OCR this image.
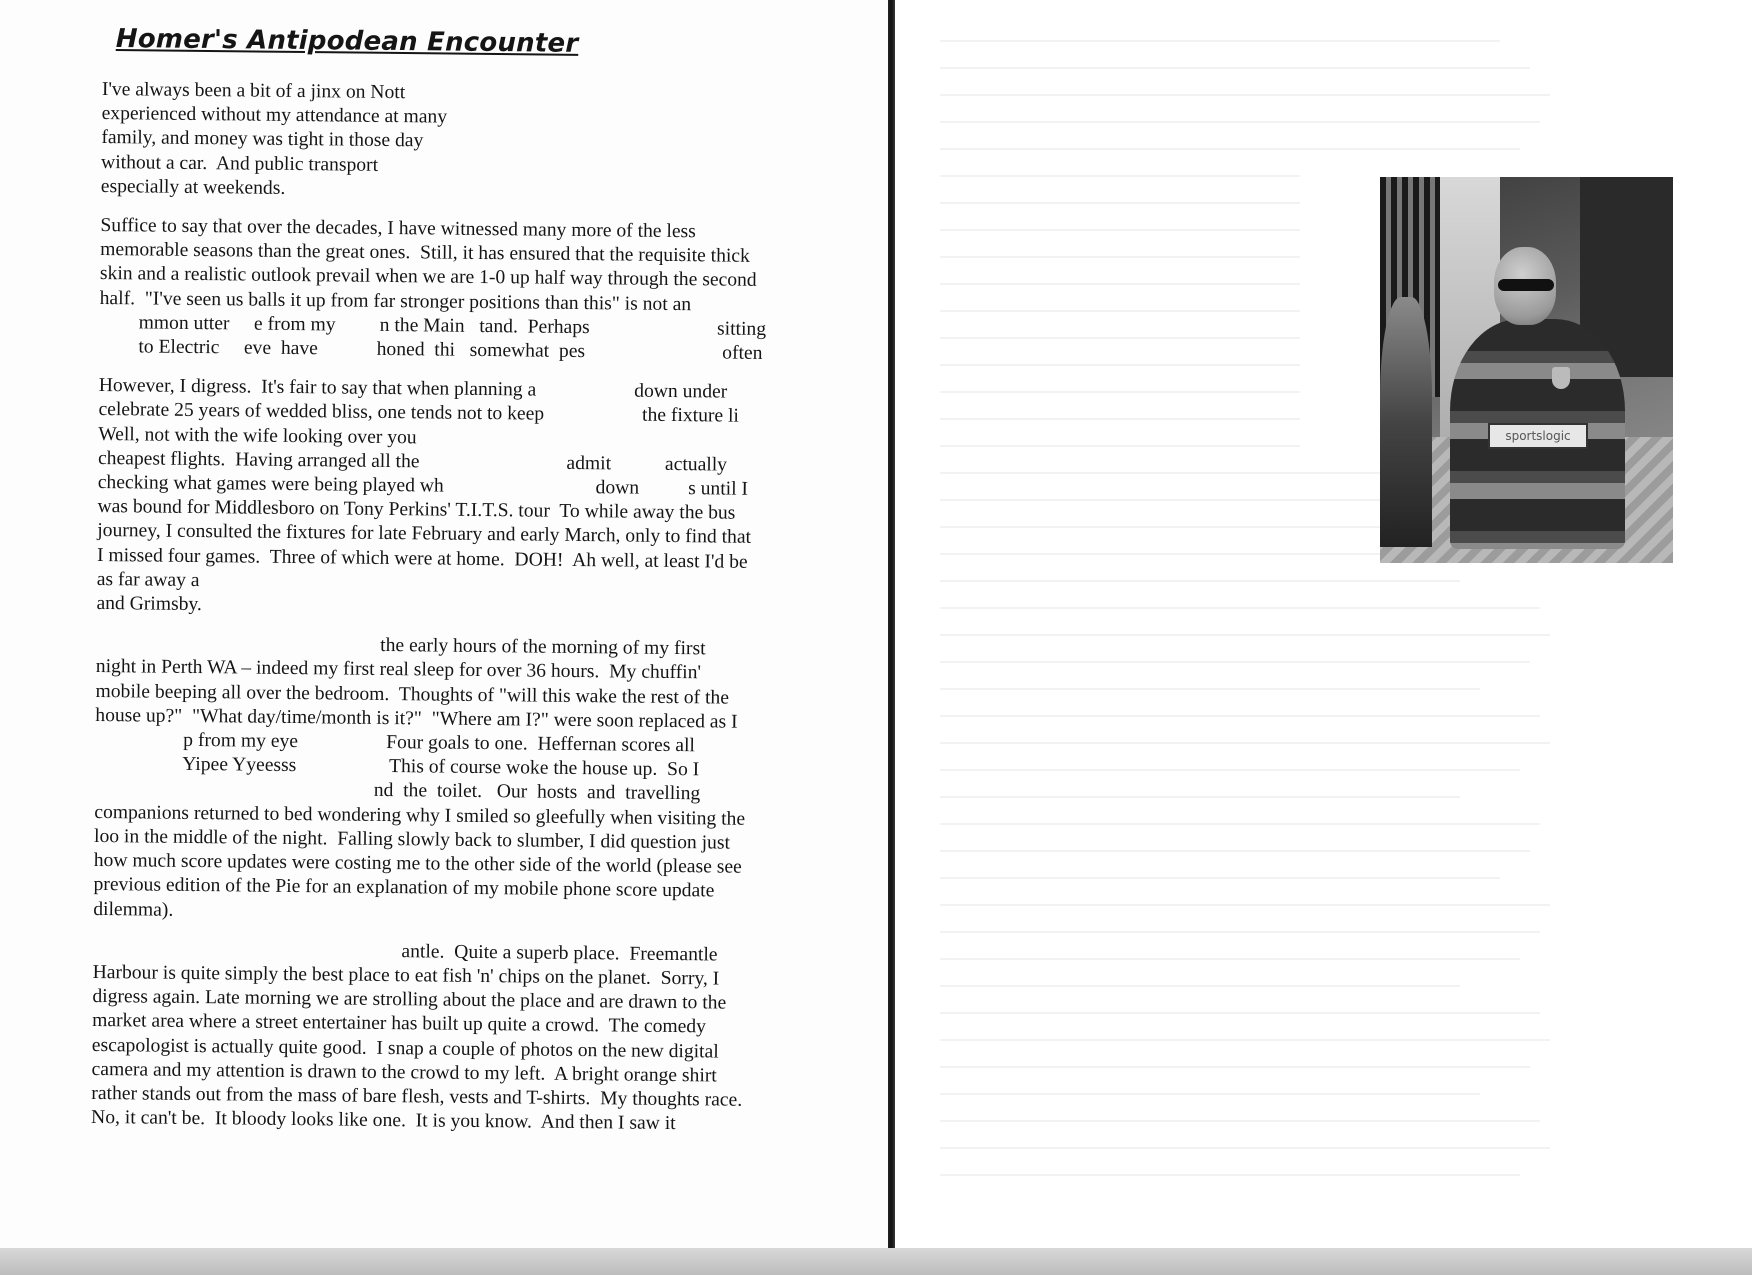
Homer's Antipodean Encounter
I've always been a bit of a jinx on Nott
experienced without my attendance at many
family, and money was tight in those day
without a car.  And public transport
especially at weekends.
Suffice to say that over the decades, I have witnessed many more of the less
memorable seasons than the great ones.  Still, it has ensured that the requisite thick
skin and a realistic outlook prevail when we are 1-0 up half way through the second
half.  "I've seen us balls it up from far stronger positions than this" is not an
mmon utter     e from my         n the Main   tand.  Perhaps                          sitting
to Electric     eve  have            honed  thi   somewhat  pes                            often
However, I digress.  It's fair to say that when planning a                    down under
celebrate 25 years of wedded bliss, one tends not to keep                    the fixture li
Well, not with the wife looking over you
cheapest flights.  Having arranged all the                              admit           actually
checking what games were being played wh                               down          s until I
was bound for Middlesboro on Tony Perkins' T.I.T.S. tour  To while away the bus
journey, I consulted the fixtures for late February and early March, only to find that
I missed four games.  Three of which were at home.  DOH!  Ah well, at least I'd be
as far away a
and Grimsby.
the early hours of the morning of my first
night in Perth WA – indeed my first real sleep for over 36 hours.  My chuffin'
mobile beeping all over the bedroom.  Thoughts of "will this wake the rest of the
house up?"  "What day/time/month is it?"  "Where am I?" were soon replaced as I
p from my eye                  Four goals to one.  Heffernan scores all
Yipee Yyeesss                   This of course woke the house up.  So I
nd  the  toilet.   Our  hosts  and  travelling
companions returned to bed wondering why I smiled so gleefully when visiting the
loo in the middle of the night.  Falling slowly back to slumber, I did question just
how much score updates were costing me to the other side of the world (please see
previous edition of the Pie for an explanation of my mobile phone score update
dilemma).
antle.  Quite a superb place.  Freemantle
Harbour is quite simply the best place to eat fish 'n' chips on the planet.  Sorry, I
digress again. Late morning we are strolling about the place and are drawn to the
market area where a street entertainer has built up quite a crowd.  The comedy
escapologist is actually quite good.  I snap a couple of photos on the new digital
camera and my attention is drawn to the crowd to my left.  A bright orange shirt
rather stands out from the mass of bare flesh, vests and T-shirts.  My thoughts race.
No, it can't be.  It bloody looks like one.  It is you know.  And then I saw it
sportslogic
